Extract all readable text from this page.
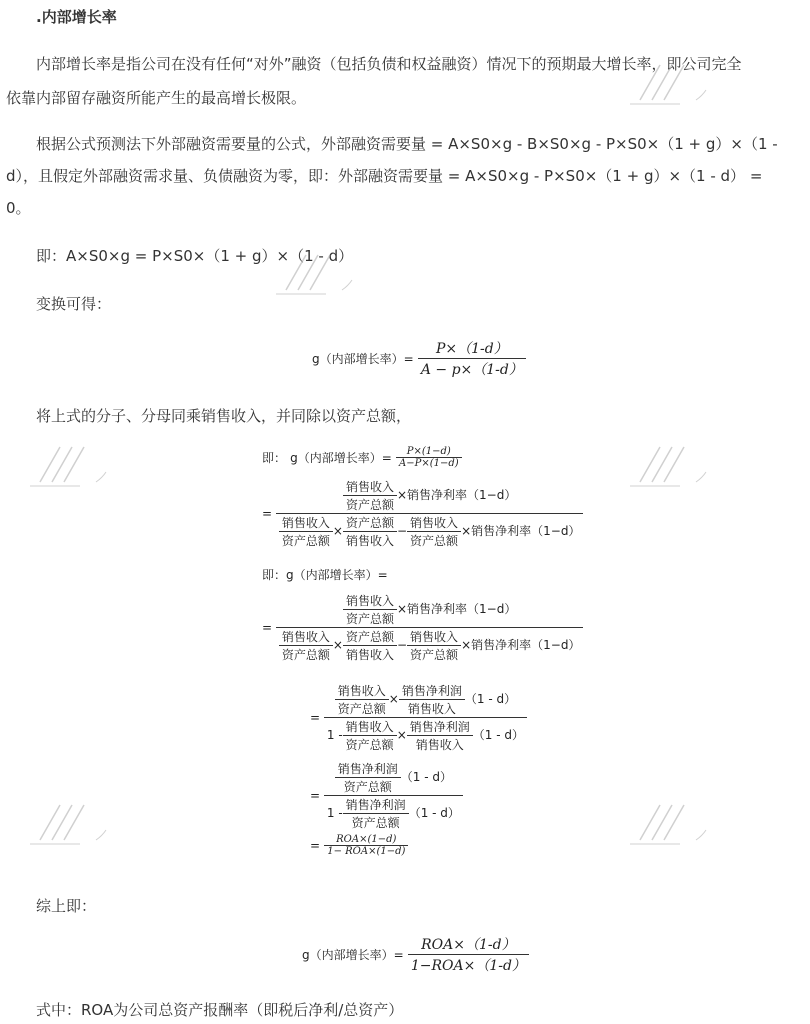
.内部增长率
内部增长率是指公司在没有任何“对外”融资（包括负债和权益融资）情况下的预期最大增长率，即公司完全
依靠内部留存融资所能产生的最高增长极限。
根据公式预测法下外部融资需要量的公式，外部融资需要量 = A×S0×g - B×S0×g - P×S0×（1 + g）×（1 -
d），且假定外部融资需求量、负债融资为零，即：外部融资需要量 = A×S0×g - P×S0×（1 + g）×（1 - d） =
0。
即：A×S0×g = P×S0×（1 + g）×（1 - d）
变换可得：
g（内部增长率）= $\frac{P\times(1-d)}{A - p\times(1-d)}$
将上式的分子、分母同乘销售收入，并同除以资产总额，
即： g（内部增长率）= $\frac{P\times(1-d)}{A-P\times(1-d)}$
= $\frac{\frac{\text{销售收入}}{\text{资产总额}} \times 销售净利率(1-d)}{\frac{\text{销售收入}}{\text{资产总额}} \times \frac{\text{资产总额}}{\text{销售收入}} - \frac{\text{销售收入}}{\text{资产总额}} \times 销售净利率(1-d)}$
即：g（内部增长率）=
= $\frac{\frac{\text{销售收入}}{\text{资产总额}} \times 销售净利率(1-d)}{\frac{\text{销售收入}}{\text{资产总额}} \times \frac{\text{资产总额}}{\text{销售收入}} - \frac{\text{销售收入}}{\text{资产总额}} \times 销售净利率(1-d)}$
= $\frac{\frac{\text{销售收入}}{\text{资产总额}} \times \frac{\text{销售净利润}}{\text{销售收入}} (1 - d)}{1 - \frac{\text{销售收入}}{\text{资产总额}} \times \frac{\text{销售净利润}}{\text{销售收入}} (1 - d)}$
= $\frac{\frac{\text{销售净利润}}{\text{资产总额}} (1 - d)}{1 - \frac{\text{销售净利润}}{\text{资产总额}} (1 - d)}$
= $\frac{\text{ROA×(1−d)}}{\text{1− ROA×(1−d)}}$
综上即：
g（内部增长率）= $\frac{\text{ROA×（1-d）}}{\text{1−ROA×（1-d）}}$
式中：ROA为公司总资产报酬率（即税后净利/总资产）
